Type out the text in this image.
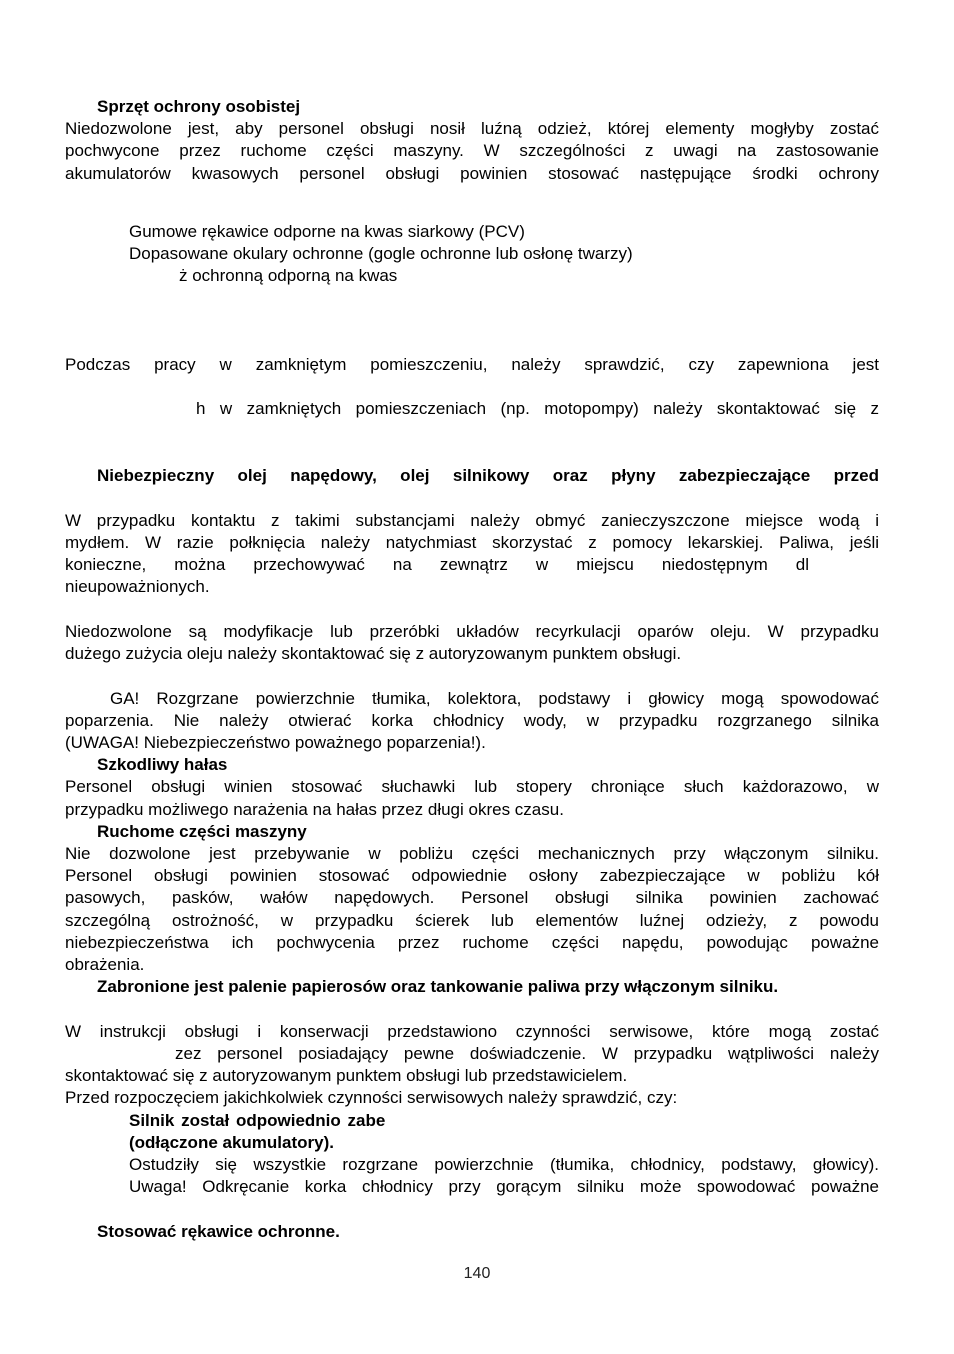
Sprzęt ochrony osobistej
Niedozwolone jest, aby personel obsługi nosił luźną odzież, której elementy mogłyby zostać
pochwycone przez ruchome części maszyny. W szczególności z uwagi na zastosowanie
akumulatorów kwasowych personel obsługi powinien stosować następujące środki ochrony
Gumowe rękawice odporne na kwas siarkowy (PCV)
Dopasowane okulary ochronne (gogle ochronne lub osłonę twarzy)
ż ochronną odporną na kwas
Podczas pracy w zamkniętym pomieszczeniu, należy sprawdzić, czy zapewniona jest
h w zamkniętych pomieszczeniach (np. motopompy) należy skontaktować się z
Niebezpieczny olej napędowy, olej silnikowy oraz płyny zabezpieczające przed
W przypadku kontaktu z takimi substancjami należy obmyć zanieczyszczone miejsce wodą i
mydłem. W razie połknięcia należy natychmiast skorzystać z pomocy lekarskiej. Paliwa, jeśli
konieczne, można przechowywać na zewnątrz w miejscu niedostępnym dl
nieupoważnionych.
Niedozwolone są modyfikacje lub przeróbki układów recyrkulacji oparów oleju. W przypadku
dużego zużycia oleju należy skontaktować się z autoryzowanym punktem obsługi.
GA! Rozgrzane powierzchnie tłumika, kolektora, podstawy i głowicy mogą spowodować
poparzenia. Nie należy otwierać korka chłodnicy wody, w przypadku rozgrzanego silnika
(UWAGA! Niebezpieczeństwo poważnego poparzenia!).
Szkodliwy hałas
Personel obsługi winien stosować słuchawki lub stopery chroniące słuch każdorazowo, w
przypadku możliwego narażenia na hałas przez długi okres czasu.
Ruchome części maszyny
Nie dozwolone jest przebywanie w pobliżu części mechanicznych przy włączonym silniku.
Personel obsługi powinien stosować odpowiednie osłony zabezpieczające w pobliżu kół
pasowych, pasków, wałów napędowych. Personel obsługi silnika powinien zachować
szczególną ostrożność, w przypadku ścierek lub elementów luźnej odzieży, z powodu
niebezpieczeństwa ich pochwycenia przez ruchome części napędu, powodując poważne
obrażenia.
Zabronione jest palenie papierosów oraz tankowanie paliwa przy włączonym silniku.
W instrukcji obsługi i konserwacji przedstawiono czynności serwisowe, które mogą zostać
zez personel posiadający pewne doświadczenie. W przypadku wątpliwości należy
skontaktować się z autoryzowanym punktem obsługi lub przedstawicielem.
Przed rozpoczęciem jakichkolwiek czynności serwisowych należy sprawdzić, czy:
Silnik został odpowiednio zabe
(odłączone akumulatory).
Ostudziły się wszystkie rozgrzane powierzchnie (tłumika, chłodnicy, podstawy, głowicy).
Uwaga! Odkręcanie korka chłodnicy przy gorącym silniku może spowodować poważne
Stosować rękawice ochronne.
140
